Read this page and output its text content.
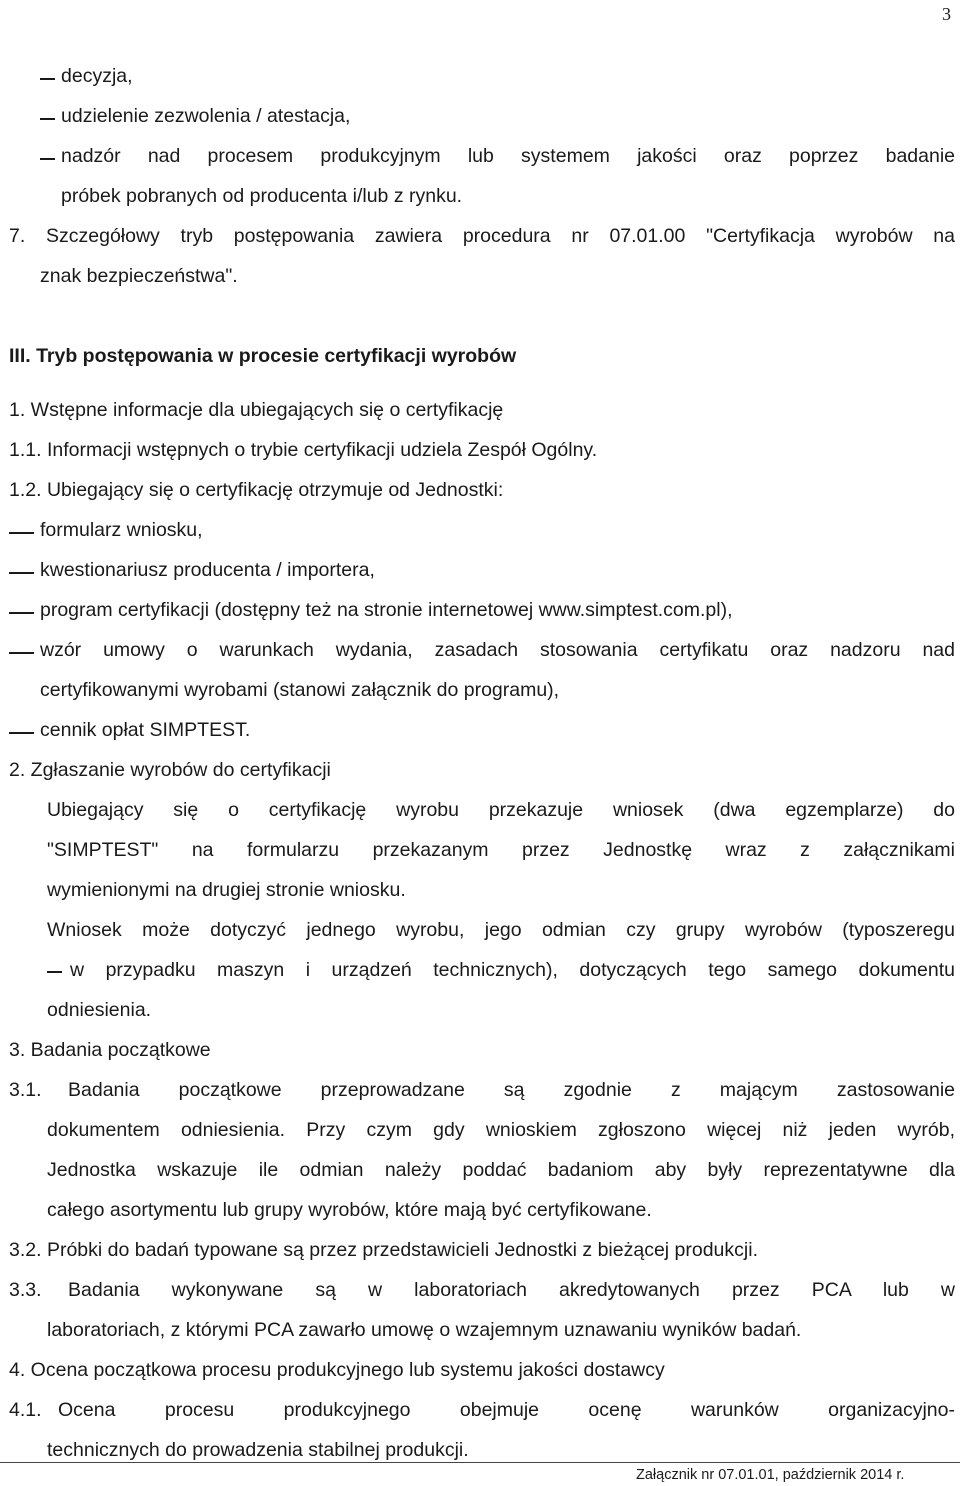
3
decyzja,
udzielenie zezwolenia / atestacja,
nadzór nad procesem produkcyjnym lub systemem jakości oraz poprzez badanie
próbek pobranych od producenta i/lub z rynku.
7. Szczegółowy tryb postępowania zawiera procedura nr 07.01.00 "Certyfikacja wyrobów na
znak bezpieczeństwa".
III. Tryb postępowania w procesie certyfikacji wyrobów
1. Wstępne informacje dla ubiegających się o certyfikację
1.1. Informacji wstępnych o trybie certyfikacji udziela Zespół Ogólny.
1.2. Ubiegający się o certyfikację otrzymuje od Jednostki:
formularz wniosku,
kwestionariusz producenta / importera,
program certyfikacji (dostępny też na stronie internetowej www.simptest.com.pl),
wzór umowy o warunkach wydania, zasadach stosowania certyfikatu oraz nadzoru nad
certyfikowanymi wyrobami (stanowi załącznik do programu),
cennik opłat SIMPTEST.
2. Zgłaszanie wyrobów do certyfikacji
Ubiegający się o certyfikację wyrobu przekazuje wniosek (dwa egzemplarze) do
"SIMPTEST" na formularzu przekazanym przez Jednostkę wraz z załącznikami
wymienionymi na drugiej stronie wniosku.
Wniosek może dotyczyć jednego wyrobu, jego odmian czy grupy wyrobów (typoszeregu
w przypadku maszyn i urządzeń technicznych), dotyczących tego samego dokumentu
odniesienia.
3. Badania początkowe
3.1. Badania początkowe przeprowadzane są zgodnie z mającym zastosowanie
dokumentem odniesienia. Przy czym gdy wnioskiem zgłoszono więcej niż jeden wyrób,
Jednostka wskazuje ile odmian należy poddać badaniom aby były reprezentatywne dla
całego asortymentu lub grupy wyrobów, które mają być certyfikowane.
3.2. Próbki do badań typowane są przez przedstawicieli Jednostki z bieżącej produkcji.
3.3. Badania wykonywane są w laboratoriach akredytowanych przez PCA lub w
laboratoriach, z którymi PCA zawarło umowę o wzajemnym uznawaniu wyników badań.
4. Ocena początkowa procesu produkcyjnego lub systemu jakości dostawcy
4.1. Ocena procesu produkcyjnego obejmuje ocenę warunków organizacyjno-
technicznych do prowadzenia stabilnej produkcji.
Załącznik nr 07.01.01, październik 2014 r.
